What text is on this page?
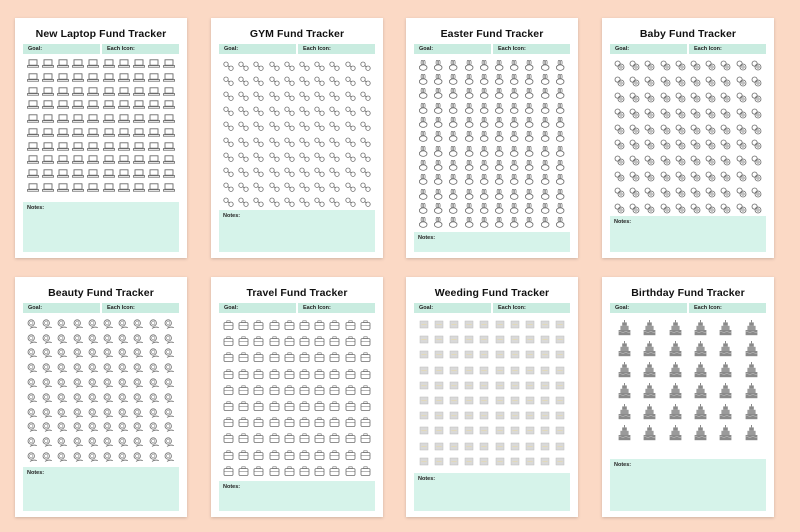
New Laptop Fund Tracker
Goal:	Each Icon:
Notes:
GYM Fund Tracker
Goal:	Each Icon:
Notes:
Easter Fund Tracker
Goal:	Each Icon:
Notes:
Baby Fund Tracker
Goal:	Each Icon:
Notes:
Beauty Fund Tracker
Goal:	Each Icon:
Notes:
Travel Fund Tracker
Goal:	Each Icon:
Notes:
Weeding Fund Tracker
Goal:	Each Icon:
Notes:
Birthday Fund Tracker
Goal:	Each Icon:
Notes:
